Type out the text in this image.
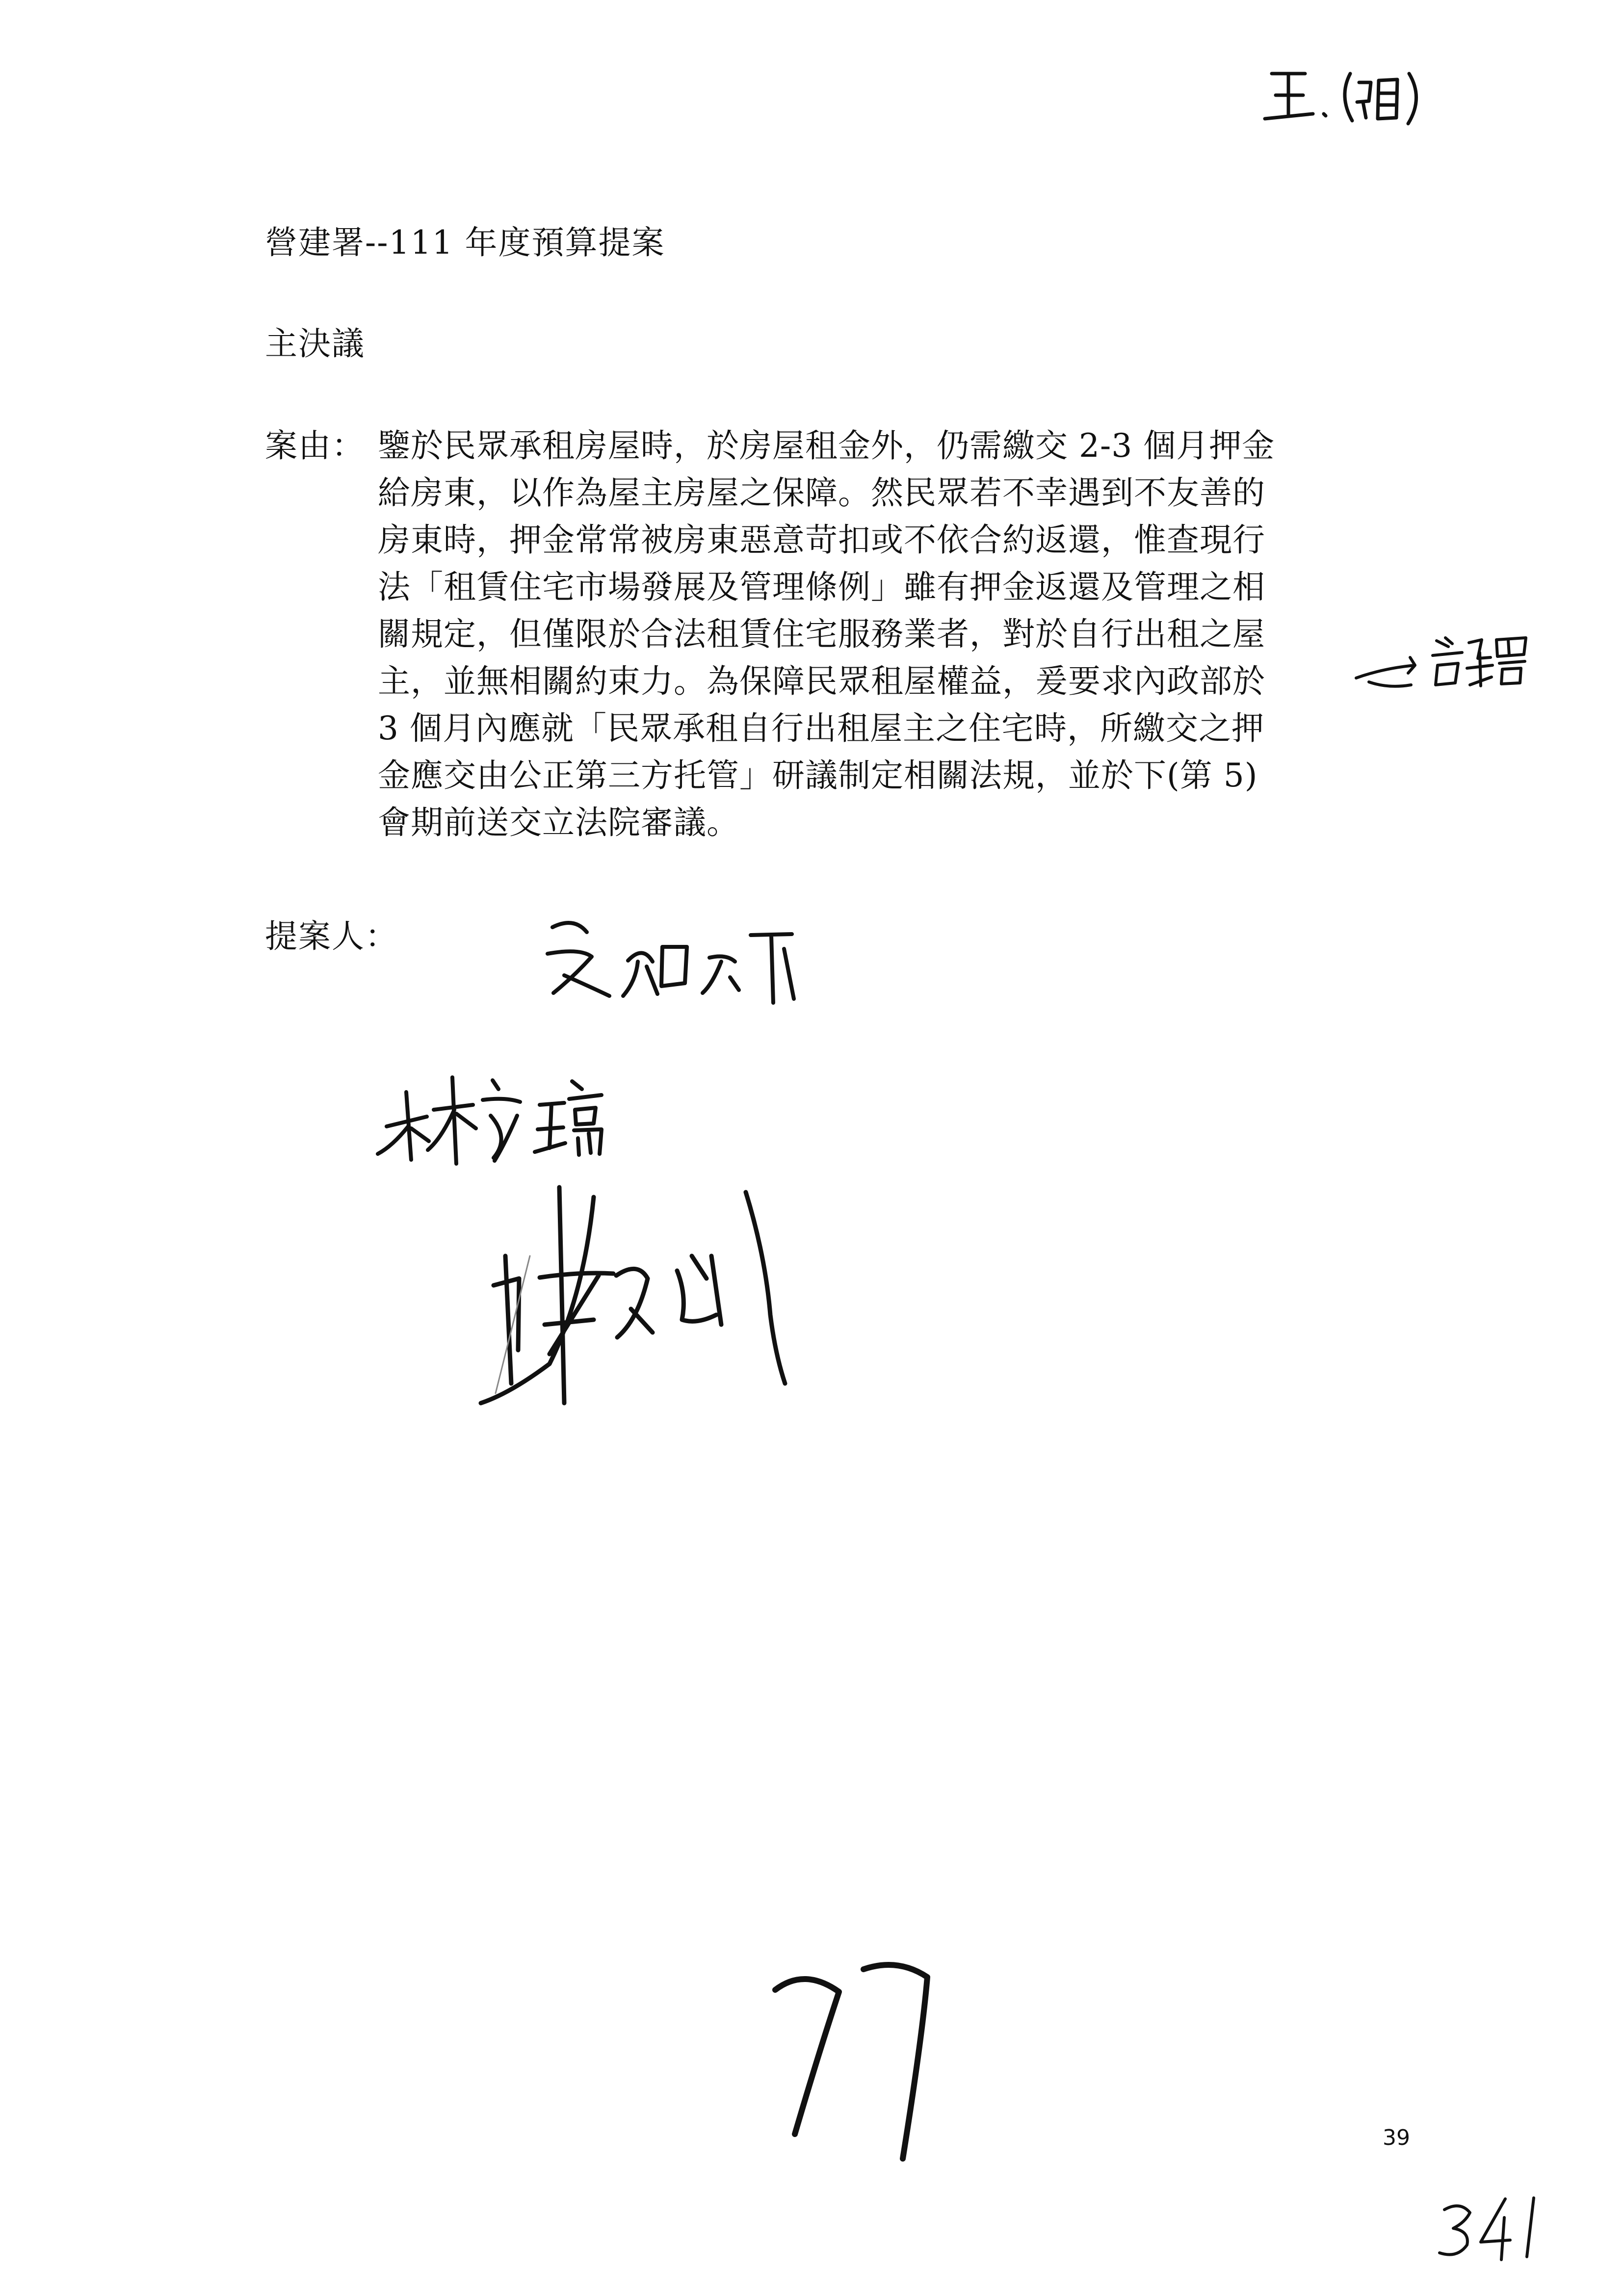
營建署--111 年度預算提案
主決議
案由： 鑒於民眾承租房屋時，於房屋租金外，仍需繳交 2-3 個月押金
給房東，以作為屋主房屋之保障。然民眾若不幸遇到不友善的
房東時，押金常常被房東惡意苛扣或不依合約返還，惟查現行
法「租賃住宅市場發展及管理條例」雖有押金返還及管理之相
關規定，但僅限於合法租賃住宅服務業者，對於自行出租之屋
主，並無相關約束力。為保障民眾租屋權益，爰要求內政部於
3 個月內應就「民眾承租自行出租屋主之住宅時，所繳交之押
金應交由公正第三方托管」研議制定相關法規，並於下(第 5)
會期前送交立法院審議。
提案人：
39
